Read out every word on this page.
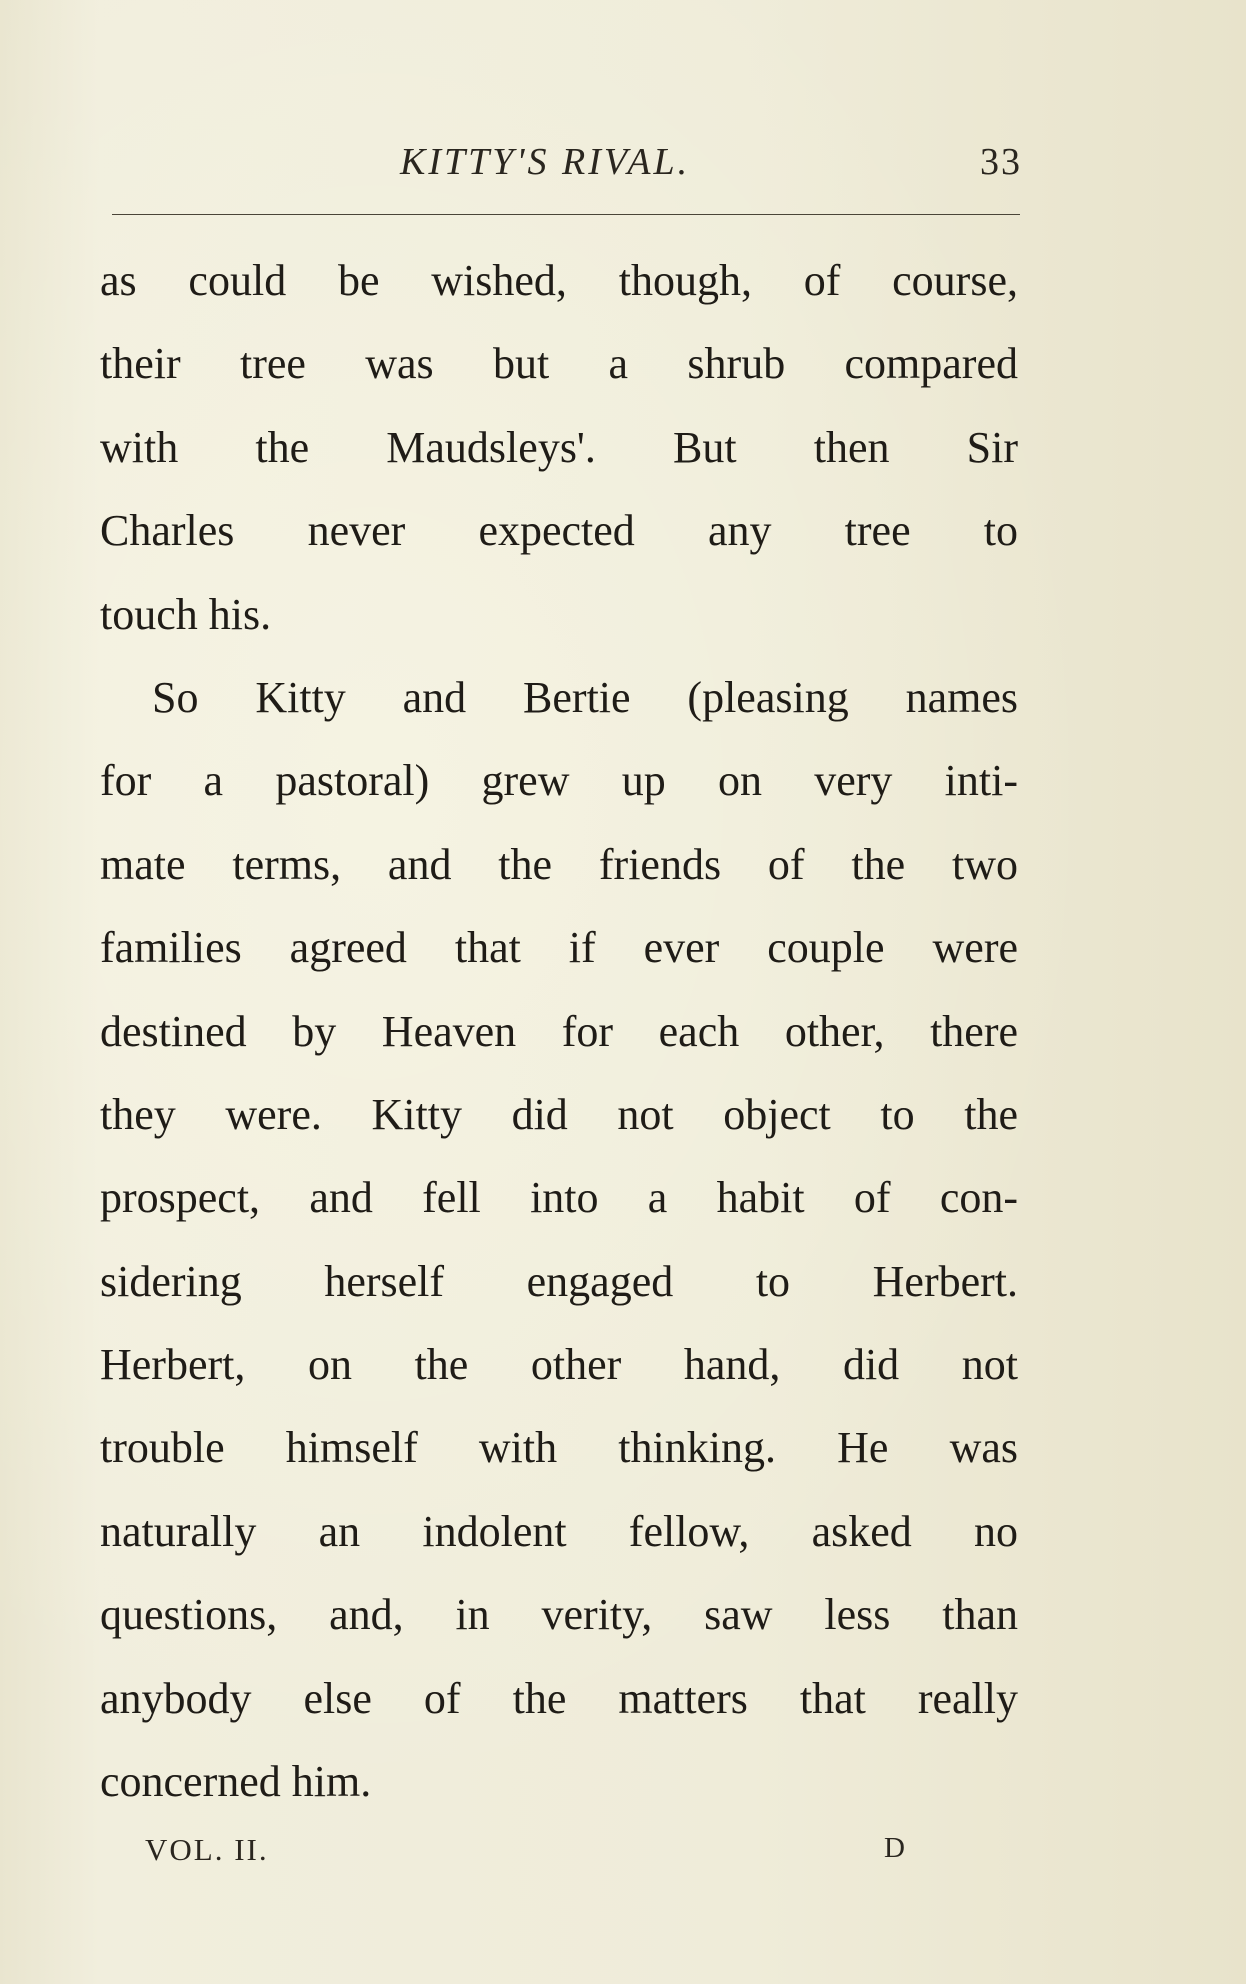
KITTY'S RIVAL.	33
as could be wished, though, of course,
their tree was but a shrub compared
with the Maudsleys'. But then Sir
Charles never expected any tree to
touch his.
So Kitty and Bertie (pleasing names
for a pastoral) grew up on very inti-
mate terms, and the friends of the two
families agreed that if ever couple were
destined by Heaven for each other, there
they were. Kitty did not object to the
prospect, and fell into a habit of con-
sidering herself engaged to Herbert.
Herbert, on the other hand, did not
trouble himself with thinking. He was
naturally an indolent fellow, asked no
questions, and, in verity, saw less than
anybody else of the matters that really
concerned him.
VOL. II.	D
